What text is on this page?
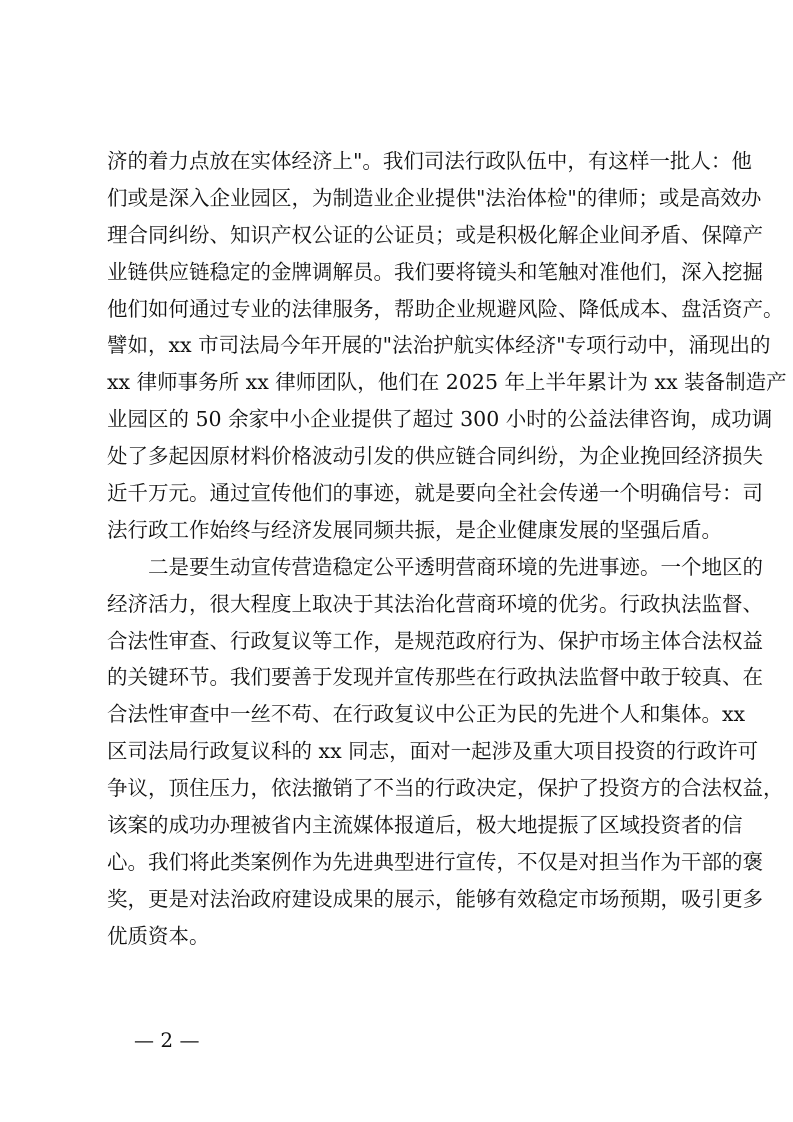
济的着力点放在实体经济上"。我们司法行政队伍中，有这样一批人：他
们或是深入企业园区，为制造业企业提供"法治体检"的律师；或是高效办
理合同纠纷、知识产权公证的公证员；或是积极化解企业间矛盾、保障产
业链供应链稳定的金牌调解员。我们要将镜头和笔触对准他们，深入挖掘
他们如何通过专业的法律服务，帮助企业规避风险、降低成本、盘活资产。
譬如，xx 市司法局今年开展的"法治护航实体经济"专项行动中，涌现出的
xx 律师事务所 xx 律师团队，他们在 2025 年上半年累计为 xx 装备制造产
业园区的 50 余家中小企业提供了超过 300 小时的公益法律咨询，成功调
处了多起因原材料价格波动引发的供应链合同纠纷，为企业挽回经济损失
近千万元。通过宣传他们的事迹，就是要向全社会传递一个明确信号：司
法行政工作始终与经济发展同频共振，是企业健康发展的坚强后盾。
二是要生动宣传营造稳定公平透明营商环境的先进事迹。一个地区的
经济活力，很大程度上取决于其法治化营商环境的优劣。行政执法监督、
合法性审查、行政复议等工作，是规范政府行为、保护市场主体合法权益
的关键环节。我们要善于发现并宣传那些在行政执法监督中敢于较真、在
合法性审查中一丝不苟、在行政复议中公正为民的先进个人和集体。xx
区司法局行政复议科的 xx 同志，面对一起涉及重大项目投资的行政许可
争议，顶住压力，依法撤销了不当的行政决定，保护了投资方的合法权益，
该案的成功办理被省内主流媒体报道后，极大地提振了区域投资者的信
心。我们将此类案例作为先进典型进行宣传，不仅是对担当作为干部的褒
奖，更是对法治政府建设成果的展示，能够有效稳定市场预期，吸引更多
优质资本。
— 2 —
